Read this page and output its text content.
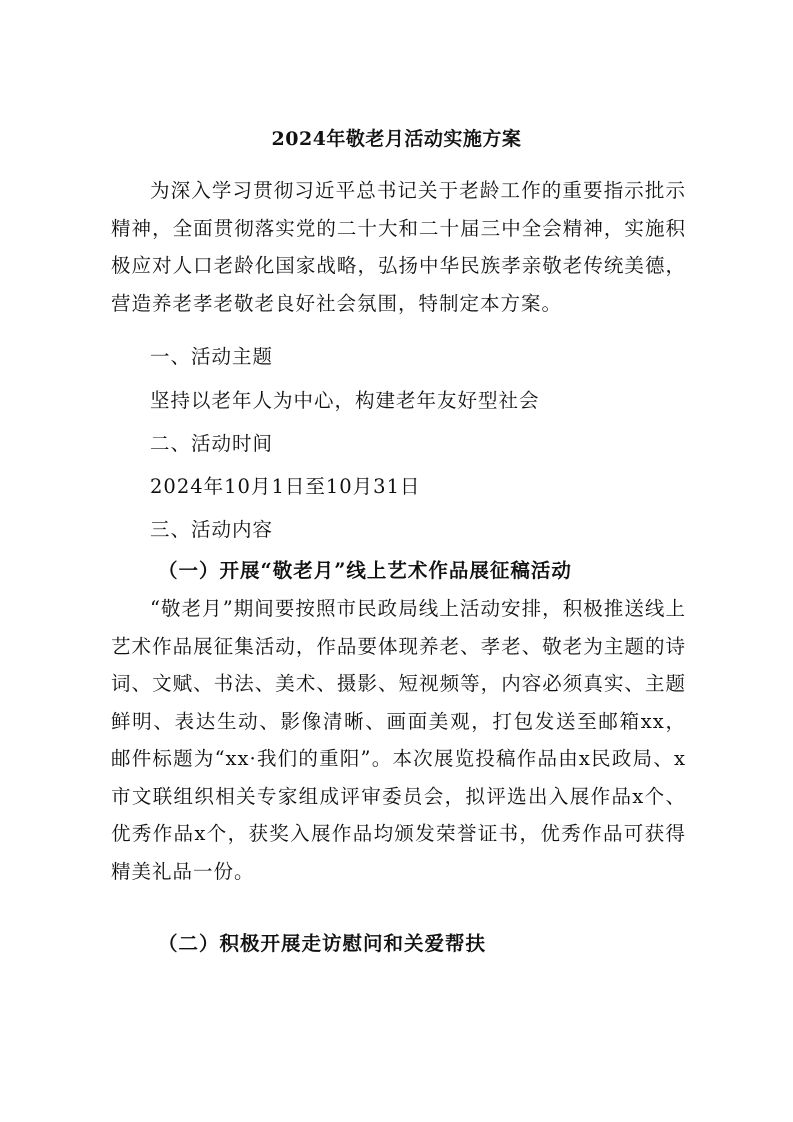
2024年敬老月活动实施方案
为深入学习贯彻习近平总书记关于老龄工作的重要指示批示精神，全面贯彻落实党的二十大和二十届三中全会精神，实施积极应对人口老龄化国家战略，弘扬中华民族孝亲敬老传统美德，营造养老孝老敬老良好社会氛围，特制定本方案。
一、活动主题
坚持以老年人为中心，构建老年友好型社会
二、活动时间
2024年10月1日至10月31日
三、活动内容
（一）开展“敬老月”线上艺术作品展征稿活动
“敬老月”期间要按照市民政局线上活动安排，积极推送线上艺术作品展征集活动，作品要体现养老、孝老、敬老为主题的诗词、文赋、书法、美术、摄影、短视频等，内容必须真实、主题鲜明、表达生动、影像清晰、画面美观，打包发送至邮箱xx，邮件标题为“xx·我们的重阳”。本次展览投稿作品由x民政局、x市文联组织相关专家组成评审委员会，拟评选出入展作品x个、优秀作品x个，获奖入展作品均颁发荣誉证书，优秀作品可获得精美礼品一份。
（二）积极开展走访慰问和关爱帮扶
